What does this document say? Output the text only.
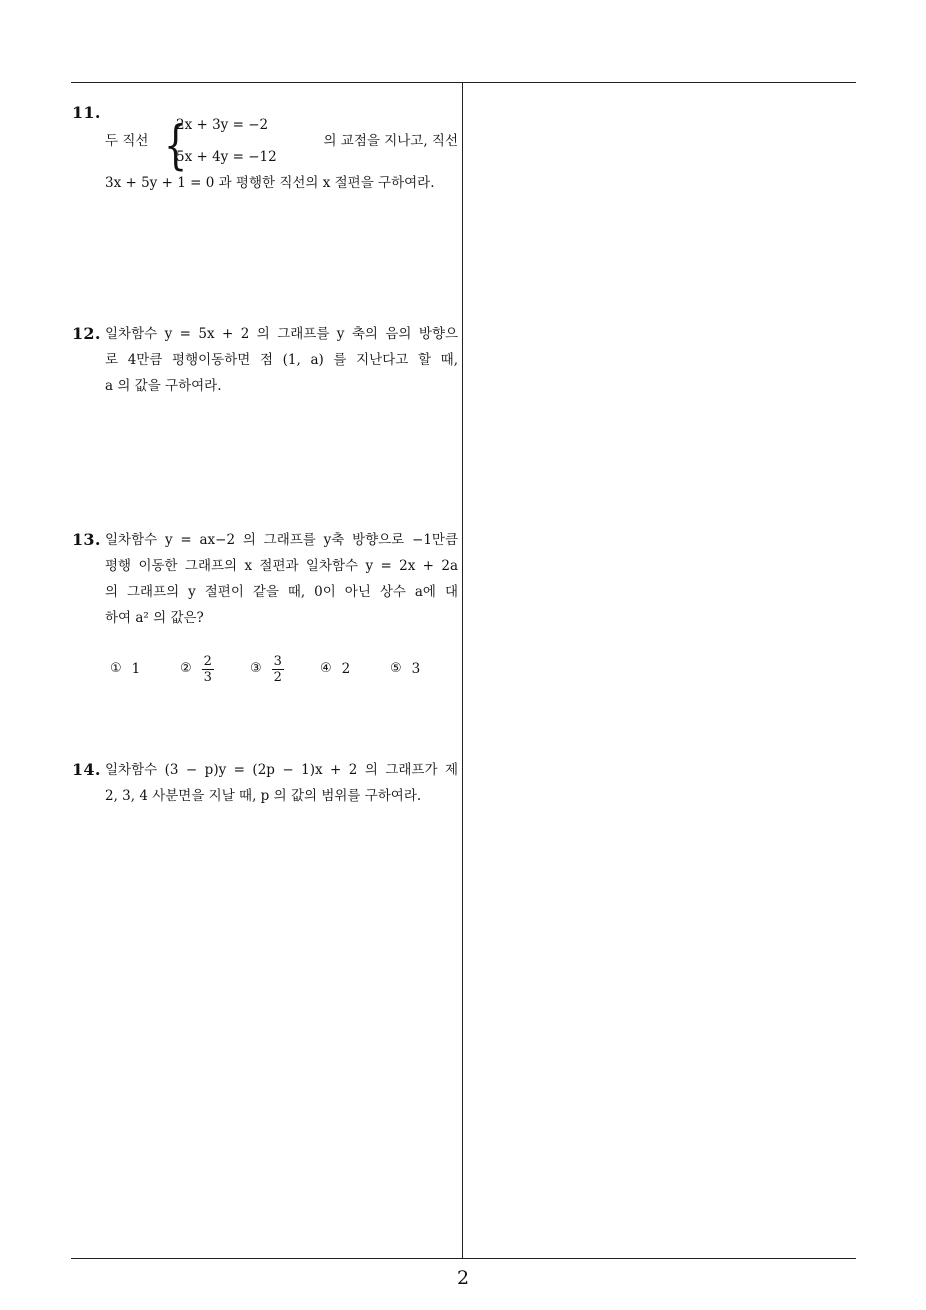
11.
두 직선 {
2x + 3y = −2
5x + 4y = −12
의 교점을 지나고, 직선
3x + 5y + 1 = 0 과 평행한 직선의 x 절편을 구하여라.
12. 일차함수 y = 5x + 2 의 그래프를 y 축의 음의 방향으
로 4만큼 평행이동하면 점 (1, a) 를 지난다고 할 때,
a 의 값을 구하여라.
13. 일차함수 y = ax−2 의 그래프를 y축 방향으로 −1만큼
평행 이동한 그래프의 x 절편과 일차함수 y = 2x + 2a
의 그래프의 y 절편이 같을 때, 0이 아닌 상수 a에 대
하여 a² 의 값은?
① 1	② $\frac{2}{3}$	③ $\frac{3}{2}$	④ 2	⑤ 3
14. 일차함수 (3 − p)y = (2p − 1)x + 2 의 그래프가 제
2, 3, 4 사분면을 지날 때, p 의 값의 범위를 구하여라.
2
